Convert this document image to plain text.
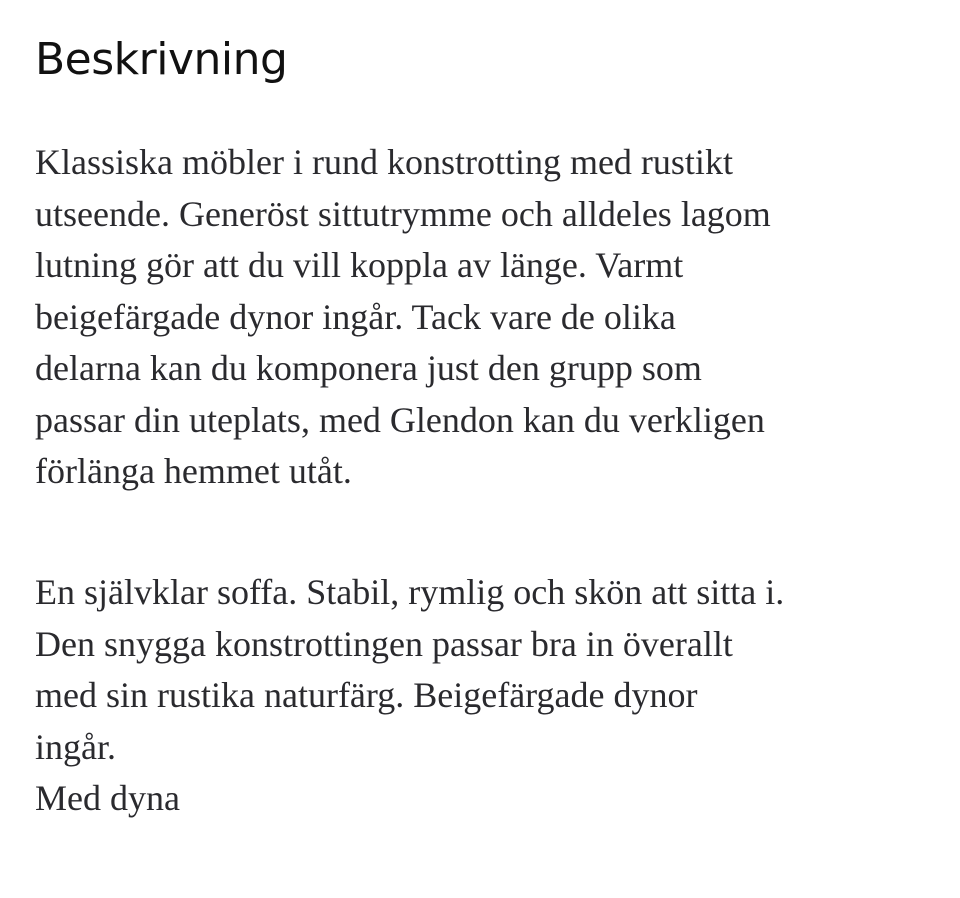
Beskrivning

Klassiska möbler i rund konstrotting med rustikt
utseende. Generöst sittutrymme och alldeles lagom
lutning gör att du vill koppla av länge. Varmt
beigefärgade dynor ingår. Tack vare de olika
delarna kan du komponera just den grupp som
passar din uteplats, med Glendon kan du verkligen
förlänga hemmet utåt.

En självklar soffa. Stabil, rymlig och skön att sitta i.
Den snygga konstrottingen passar bra in överallt
med sin rustika naturfärg. Beigefärgade dynor
ingår.
Med dyna
